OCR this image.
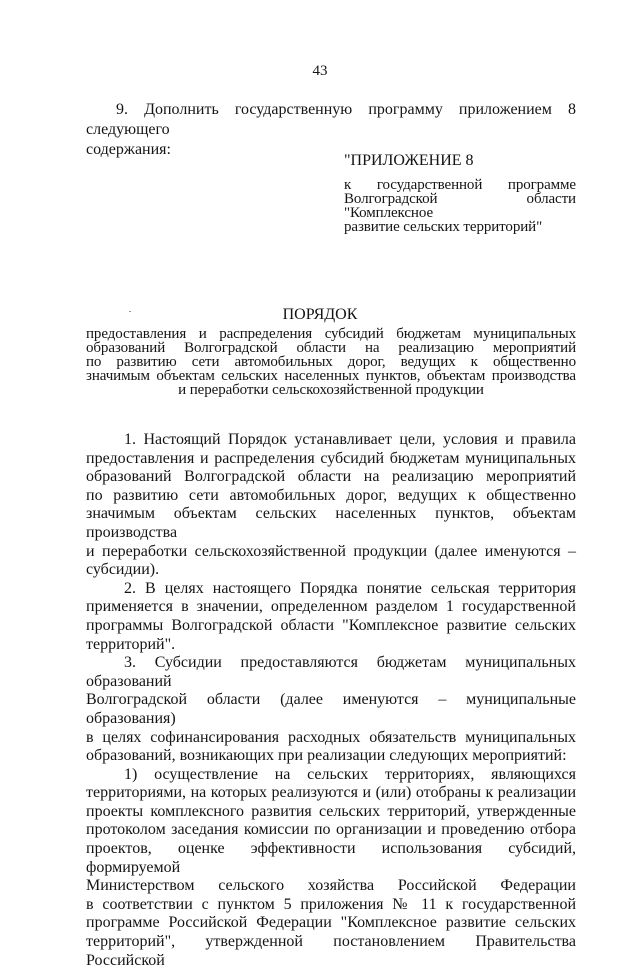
43

9. Дополнить государственную программу приложением 8 следующего

содержания:

"ПРИЛОЖЕНИЕ 8
к государственной программе
Волгоградской области "Комплексное
развитие сельских территорий"
ПОРЯДОК
предоставления и распределения субсидий бюджетам муниципальных
образований Волгоградской области на реализацию мероприятий
по развитию сети автомобильных дорог, ведущих к общественно
значимым объектам сельских населенных пунктов, объектам производства
и переработки сельскохозяйственной продукции

1. Настоящий Порядок устанавливает цели, условия и правила
предоставления и распределения субсидий бюджетам муниципальных
образований Волгоградской области на реализацию мероприятий
по развитию сети автомобильных дорог, ведущих к общественно
значимым объектам сельских населенных пунктов, объектам производства
и переработки сельскохозяйственной продукции (далее именуются –
субсидии).

2. В целях настоящего Порядка понятие сельская территория
применяется в значении, определенном разделом 1 государственной
программы Волгоградской области "Комплексное развитие сельских
территорий".

3. Субсидии предоставляются бюджетам муниципальных образований
Волгоградской области (далее именуются – муниципальные образования)
в целях софинансирования расходных обязательств муниципальных
образований, возникающих при реализации следующих мероприятий:

1) осуществление на сельских территориях, являющихся
территориями, на которых реализуются и (или) отобраны к реализации
проекты комплексного развития сельских территорий, утвержденные
протоколом заседания комиссии по организации и проведению отбора
проектов, оценке эффективности использования субсидий, формируемой
Министерством сельского хозяйства Российской Федерации
в соответствии с пунктом 5 приложения № 11 к государственной
программе Российской Федерации "Комплексное развитие сельских
территорий", утвержденной постановлением Правительства Российской
